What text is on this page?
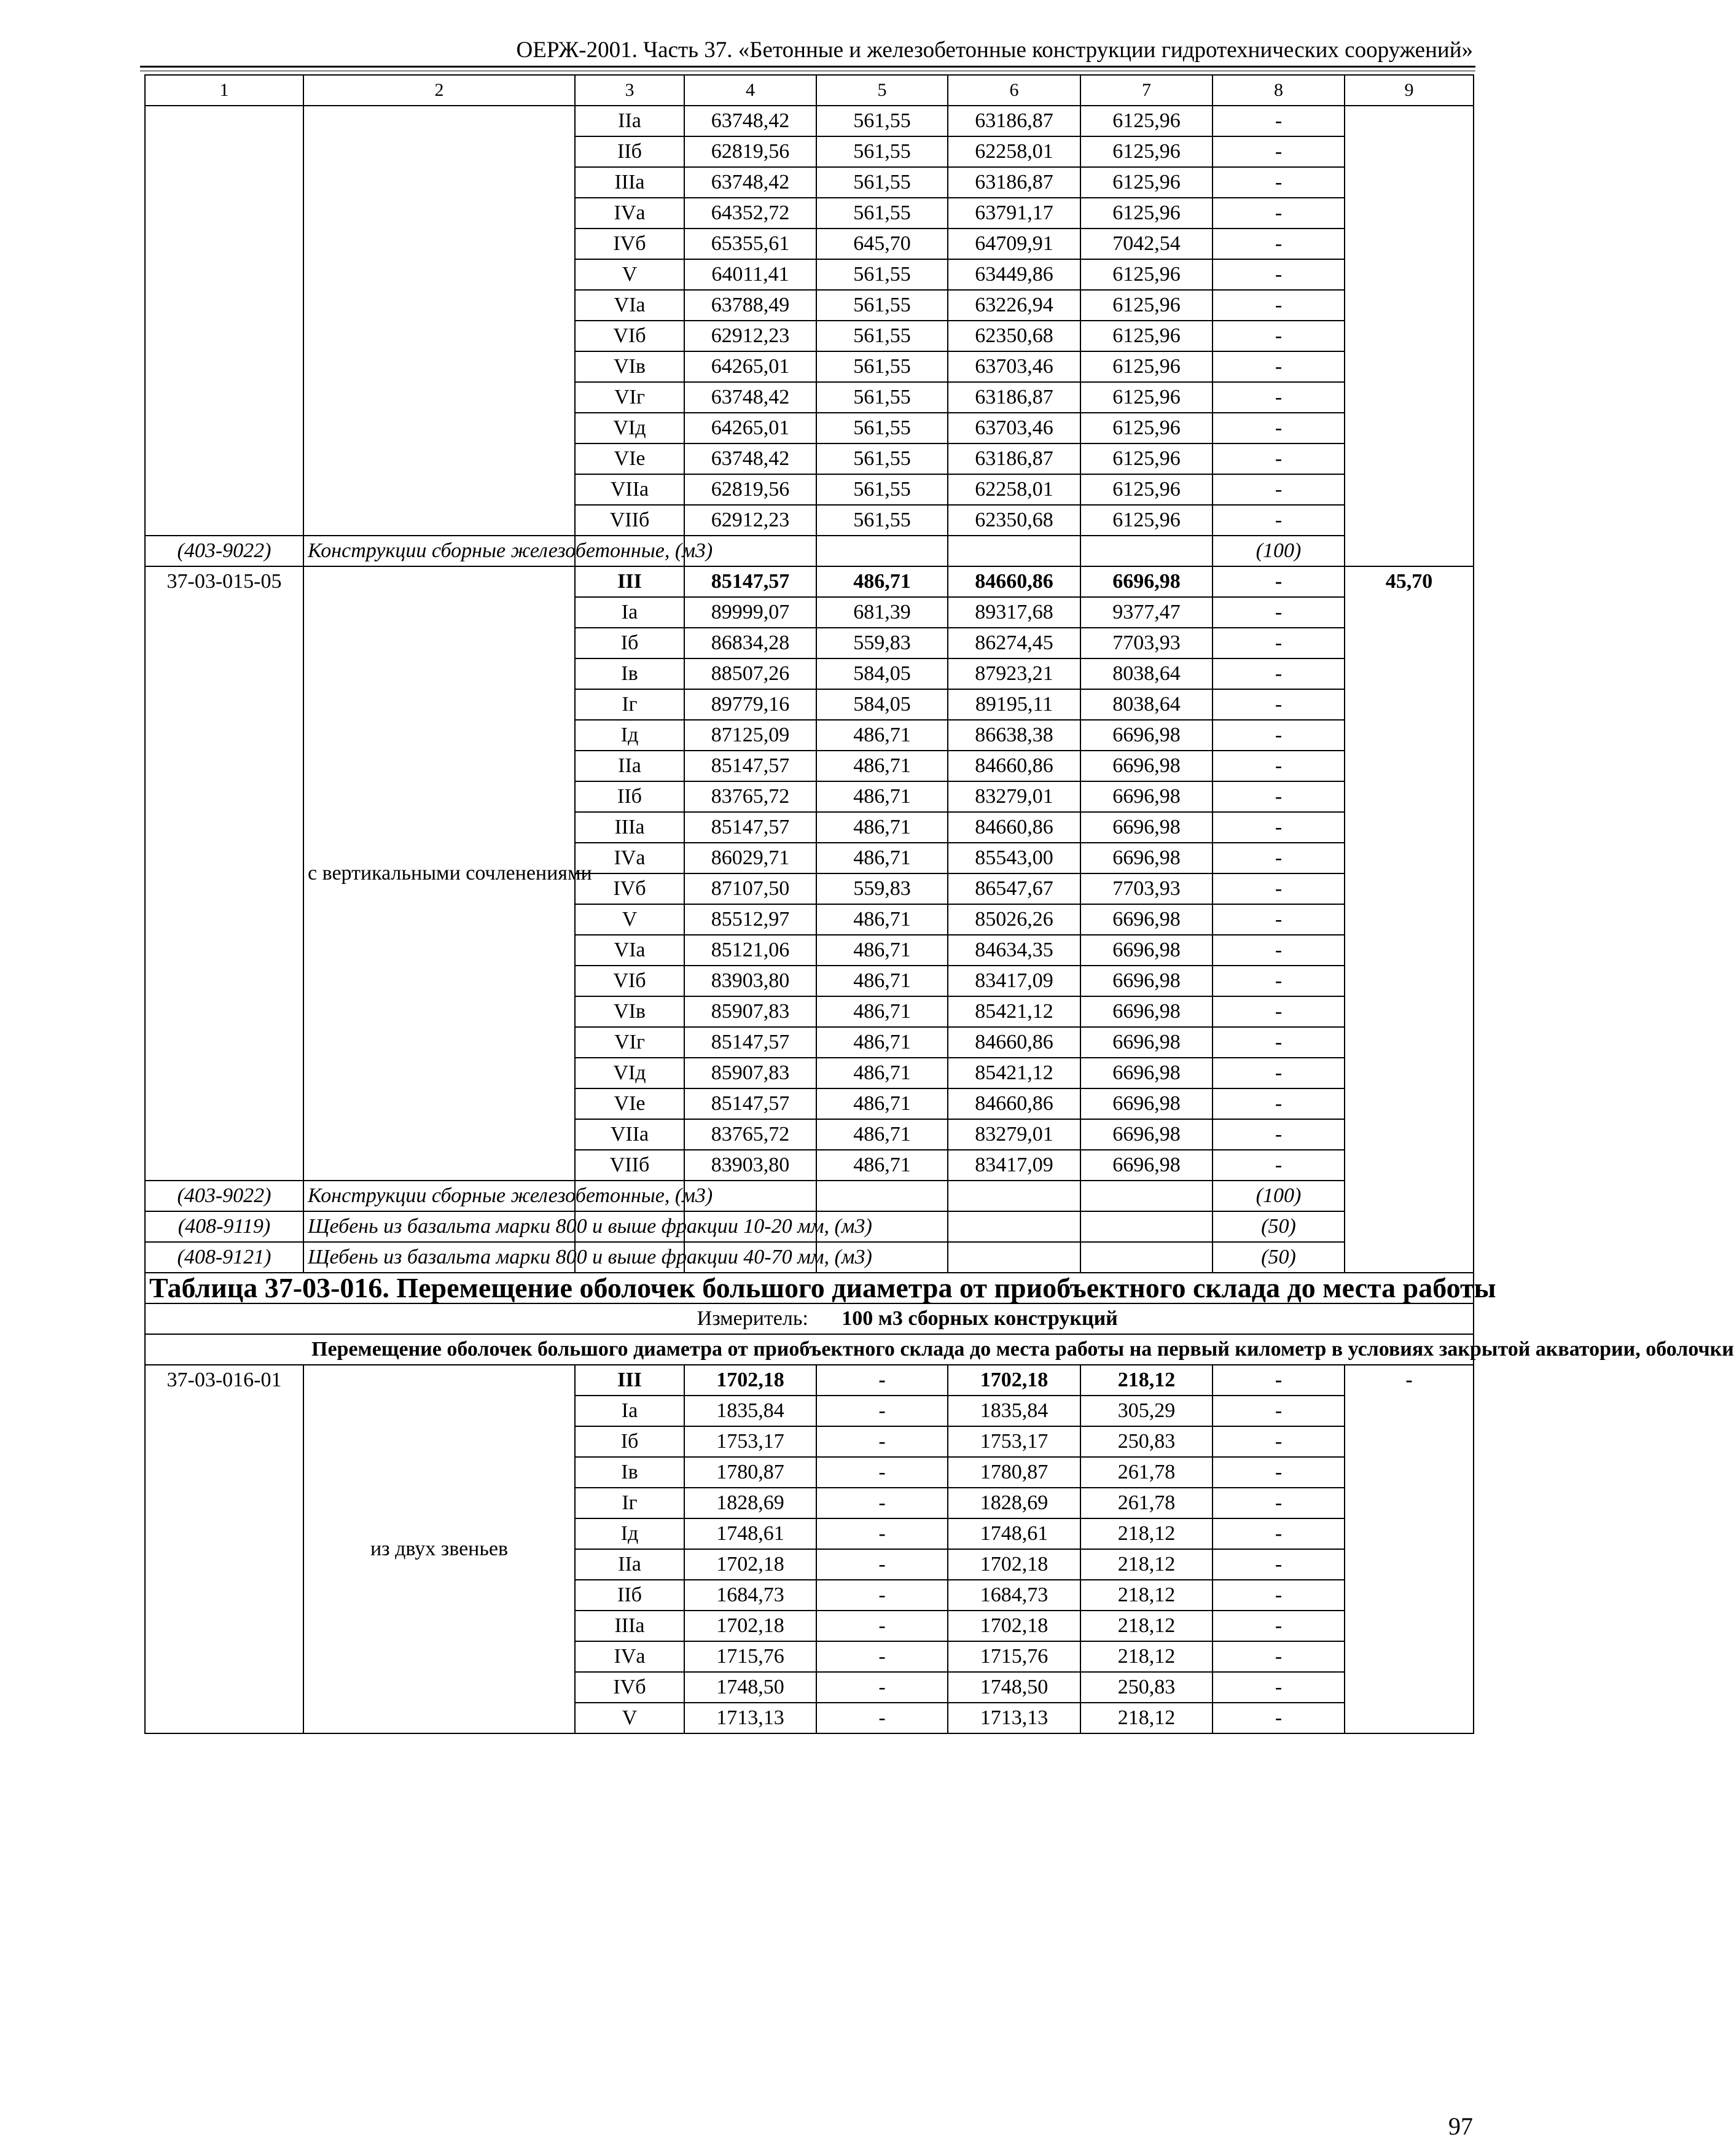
ОЕРЖ-2001. Часть 37. «Бетонные и железобетонные конструкции гидротехнических сооружений»
1	2	3	4	5	6	7	8	9
		IIа	63748,42	561,55	63186,87	6125,96	-	
		IIб	62819,56	561,55	62258,01	6125,96	-	
		IIIа	63748,42	561,55	63186,87	6125,96	-	
		IVа	64352,72	561,55	63791,17	6125,96	-	
		IVб	65355,61	645,70	64709,91	7042,54	-	
		V	64011,41	561,55	63449,86	6125,96	-	
		VIа	63788,49	561,55	63226,94	6125,96	-	
		VIб	62912,23	561,55	62350,68	6125,96	-	
		VIв	64265,01	561,55	63703,46	6125,96	-	
		VIг	63748,42	561,55	63186,87	6125,96	-	
		VIд	64265,01	561,55	63703,46	6125,96	-	
		VIе	63748,42	561,55	63186,87	6125,96	-	
		VIIа	62819,56	561,55	62258,01	6125,96	-	
		VIIб	62912,23	561,55	62350,68	6125,96	-	
(403-9022)	Конструкции сборные железобетонные, (м3)						(100)	
37-03-015-05	с вертикальными сочленениями	III	85147,57	486,71	84660,86	6696,98	-	45,70
		Iа	89999,07	681,39	89317,68	9377,47	-	
		Iб	86834,28	559,83	86274,45	7703,93	-	
		Iв	88507,26	584,05	87923,21	8038,64	-	
		Iг	89779,16	584,05	89195,11	8038,64	-	
		Iд	87125,09	486,71	86638,38	6696,98	-	
		IIа	85147,57	486,71	84660,86	6696,98	-	
		IIб	83765,72	486,71	83279,01	6696,98	-	
		IIIа	85147,57	486,71	84660,86	6696,98	-	
		IVа	86029,71	486,71	85543,00	6696,98	-	
		IVб	87107,50	559,83	86547,67	7703,93	-	
		V	85512,97	486,71	85026,26	6696,98	-	
		VIа	85121,06	486,71	84634,35	6696,98	-	
		VIб	83903,80	486,71	83417,09	6696,98	-	
		VIв	85907,83	486,71	85421,12	6696,98	-	
		VIг	85147,57	486,71	84660,86	6696,98	-	
		VIд	85907,83	486,71	85421,12	6696,98	-	
		VIе	85147,57	486,71	84660,86	6696,98	-	
		VIIа	83765,72	486,71	83279,01	6696,98	-	
		VIIб	83903,80	486,71	83417,09	6696,98	-	
(403-9022)	Конструкции сборные железобетонные, (м3)						(100)	
(408-9119)	Щебень из базальта марки 800 и выше фракции 10-20 мм, (м3)						(50)	
(408-9121)	Щебень из базальта марки 800 и выше фракции 40-70 мм, (м3)						(50)	
Таблица 37-03-016. Перемещение оболочек большого диаметра от приобъектного склада до места работы								
Измеритель: 100 м3 сборных конструкций								
Перемещение оболочек большого диаметра от приобъектного склада до места работы на первый километр в условиях закрытой акватории, оболочки								
37-03-016-01	из двух звеньев	III	1702,18	-	1702,18	218,12	-	-
		Iа	1835,84	-	1835,84	305,29	-	
		Iб	1753,17	-	1753,17	250,83	-	
		Iв	1780,87	-	1780,87	261,78	-	
		Iг	1828,69	-	1828,69	261,78	-	
		Iд	1748,61	-	1748,61	218,12	-	
		IIа	1702,18	-	1702,18	218,12	-	
		IIб	1684,73	-	1684,73	218,12	-	
		IIIа	1702,18	-	1702,18	218,12	-	
		IVа	1715,76	-	1715,76	218,12	-	
		IVб	1748,50	-	1748,50	250,83	-	
		V	1713,13	-	1713,13	218,12	-	
97
